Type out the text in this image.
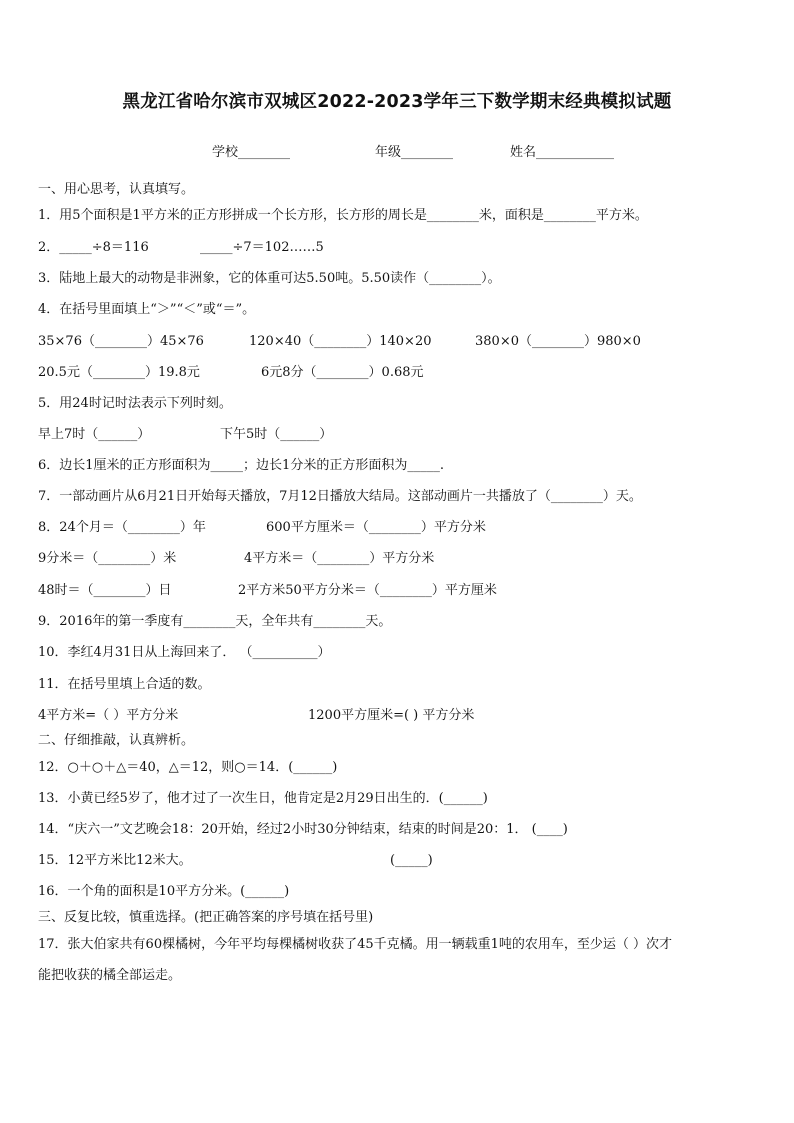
黑龙江省哈尔滨市双城区2022-2023学年三下数学期末经典模拟试题
学校________	年级________	姓名____________
一、用心思考，认真填写。
1．用5个面积是1平方米的正方形拼成一个长方形，长方形的周长是________米，面积是________平方米。
2．_____÷8＝116	_____÷7＝102……5
3．陆地上最大的动物是非洲象，它的体重可达5.50吨。5.50读作（________）。
4．在括号里面填上“＞”“＜”或“＝”。
35×76（________）45×76	120×40（________）140×20	380×0（________）980×0
20.5元（________）19.8元	6元8分（________）0.68元
5．用24时记时法表示下列时刻。
早上7时（______）	下午5时（______）
6．边长1厘米的正方形面积为_____；边长1分米的正方形面积为_____.
7．一部动画片从6月21日开始每天播放，7月12日播放大结局。这部动画片一共播放了（________）天。
8．24个月＝（________）年	600平方厘米＝（________）平方分米
9分米＝（________）米	4平方米＝（________）平方分米
48时＝（________）日	2平方米50平方分米＝（________）平方厘米
9．2016年的第一季度有________天，全年共有________天。
10．李红4月31日从上海回来了． （__________）
11．在括号里填上合适的数。
4平方米=（ ）平方分米	1200平方厘米=( ) 平方分米
二、仔细推敲，认真辨析。
12．○＋○＋△＝40，△＝12，则○＝14．(______)
13．小黄已经5岁了，他才过了一次生日，他肯定是2月29日出生的．(______)
14．“庆六一”文艺晚会18：20开始，经过2小时30分钟结束，结束的时间是20：1． (____)
15．12平方米比12米大。	(_____)
16．一个角的面积是10平方分米。(______)
三、反复比较，慎重选择。(把正确答案的序号填在括号里)
17．张大伯家共有60棵橘树，今年平均每棵橘树收获了45千克橘。用一辆载重1吨的农用车，至少运（ ）次才
能把收获的橘全部运走。
